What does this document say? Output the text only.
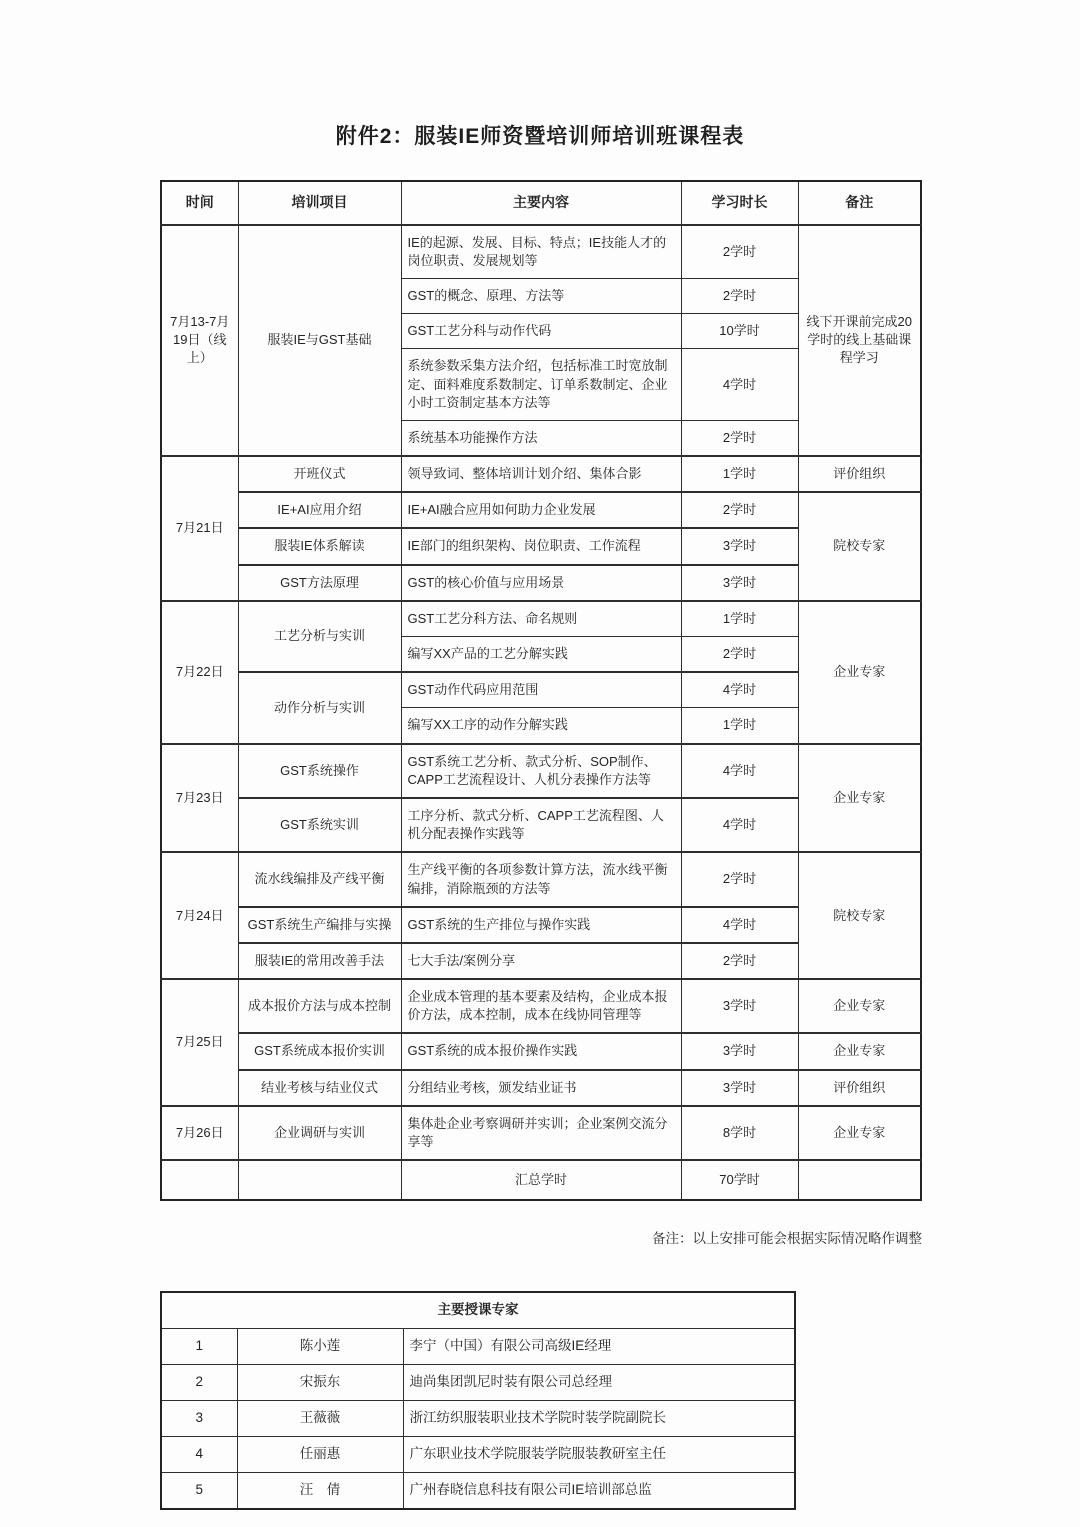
附件2：服装IE师资暨培训师培训班课程表
时间	培训项目	主要内容	学习时长	备注
7月13-7月19日（线上）	服装IE与GST基础	IE的起源、发展、目标、特点；IE技能人才的岗位职责、发展规划等	2学时	线下开课前完成20学时的线上基础课程学习
		GST的概念、原理、方法等	2学时	
		GST工艺分科与动作代码	10学时	
		系统参数采集方法介绍，包括标准工时宽放制定、面料难度系数制定、订单系数制定、企业小时工资制定基本方法等	4学时	
		系统基本功能操作方法	2学时	
7月21日	开班仪式	领导致词、整体培训计划介绍、集体合影	1学时	评价组织
	IE+AI应用介绍	IE+AI融合应用如何助力企业发展	2学时	院校专家
	服装IE体系解读	IE部门的组织架构、岗位职责、工作流程	3学时	
	GST方法原理	GST的核心价值与应用场景	3学时	
7月22日	工艺分析与实训	GST工艺分科方法、命名规则	1学时	企业专家
		编写XX产品的工艺分解实践	2学时	
	动作分析与实训	GST动作代码应用范围	4学时	
		编写XX工序的动作分解实践	1学时	
7月23日	GST系统操作	GST系统工艺分析、款式分析、SOP制作、CAPP工艺流程设计、人机分表操作方法等	4学时	企业专家
	GST系统实训	工序分析、款式分析、CAPP工艺流程图、人机分配表操作实践等	4学时	
7月24日	流水线编排及产线平衡	生产线平衡的各项参数计算方法，流水线平衡编排，消除瓶颈的方法等	2学时	院校专家
	GST系统生产编排与实操	GST系统的生产排位与操作实践	4学时	
	服装IE的常用改善手法	七大手法/案例分享	2学时	
7月25日	成本报价方法与成本控制	企业成本管理的基本要素及结构，企业成本报价方法，成本控制，成本在线协同管理等	3学时	企业专家
	GST系统成本报价实训	GST系统的成本报价操作实践	3学时	企业专家
	结业考核与结业仪式	分组结业考核，颁发结业证书	3学时	评价组织
7月26日	企业调研与实训	集体赴企业考察调研并实训；企业案例交流分享等	8学时	企业专家
		汇总学时	70学时	
备注：以上安排可能会根据实际情况略作调整
主要授课专家		
1	陈小莲	李宁（中国）有限公司高级IE经理
2	宋振东	迪尚集团凯尼时装有限公司总经理
3	王薇薇	浙江纺织服装职业技术学院时装学院副院长
4	任丽惠	广东职业技术学院服装学院服装教研室主任
5	汪　倩	广州春晓信息科技有限公司IE培训部总监
